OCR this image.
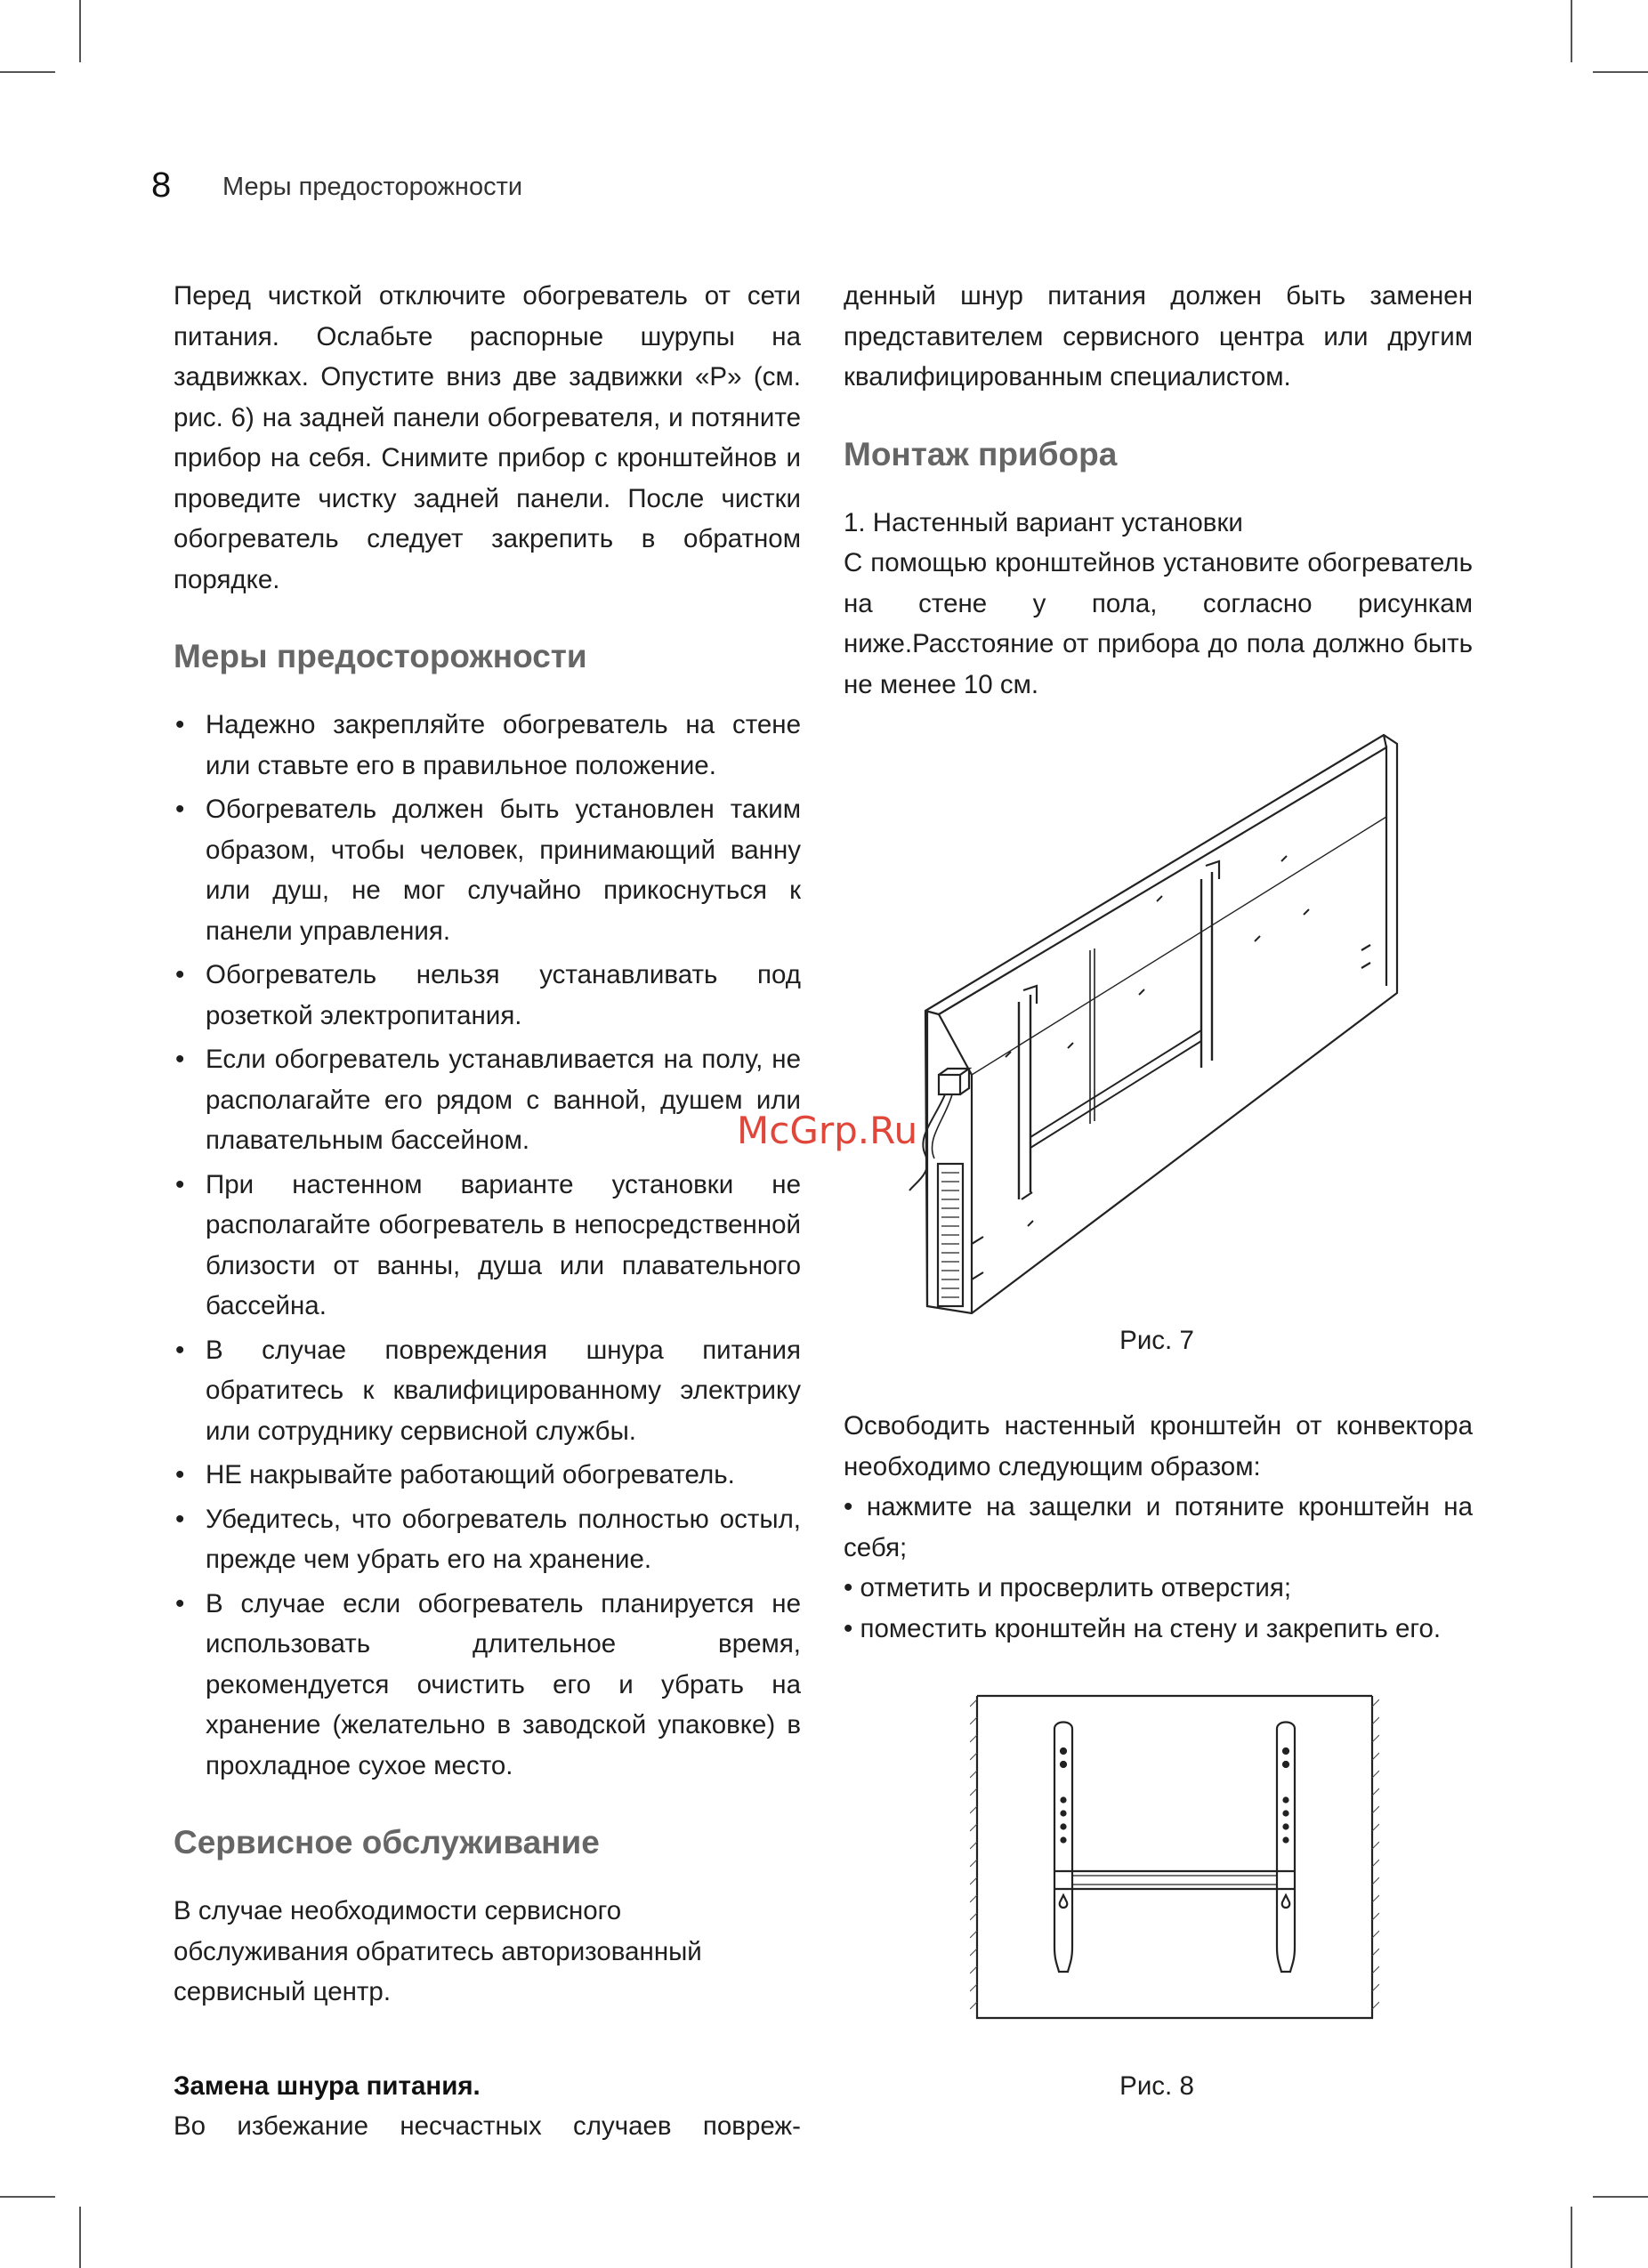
8 Меры предосторожности

Перед чисткой отключите обогреватель от сети питания. Ослабьте распорные шурупы на задвижках. Опустите вниз две задвижки «P» (см. рис. 6) на задней панели обогревателя, и потяните прибор на себя. Снимите прибор с кронштейнов и проведите чистку задней панели. После чистки обогреватель следует закрепить в обратном порядке.

Меры предосторожности
• Надежно закрепляйте обогреватель на стене или ставьте его в правильное положение.
• Обогреватель должен быть установлен таким образом, чтобы человек, принимающий ванну или душ, не мог случайно прикоснуться к панели управления.
• Обогреватель нельзя устанавливать под розеткой электропитания.
• Если обогреватель устанавливается на полу, не располагайте его рядом с ванной, душем или плавательным бассейном.
• При настенном варианте установки не располагайте обогреватель в непосредственной близости от ванны, душа или плавательного бассейна.
• В случае повреждения шнура питания обратитесь к квалифицированному электрику или сотруднику сервисной службы.
• НЕ накрывайте работающий обогреватель.
• Убедитесь, что обогреватель полностью остыл, прежде чем убрать его на хранение.
• В случае если обогреватель планируется не использовать длительное время, рекомендуется очистить его и убрать на хранение (желательно в заводской упаковке) в прохладное сухое место.
Сервисное обслуживание

В случае необходимости сервисного обслуживания обратитесь авторизованный сервисный центр.

Замена шнура питания.

Во избежание несчастных случаев повреж-

денный шнур питания должен быть заменен представителем сервисного центра или другим квалифицированным специалистом.

Монтаж прибора

1. Настенный вариант установки

С помощью кронштейнов установите обогреватель на стене у пола, согласно рисункам ниже.Расстояние от прибора до пола должно быть не менее 10 см.

Рис. 7
McGrp.Ru

Освободить настенный кронштейн от конвектора необходимо следующим образом:

• нажмите на защелки и потяните кронштейн на себя;

• отметить и просверлить отверстия;

• поместить кронштейн на стену и закрепить его.

Рис. 8
